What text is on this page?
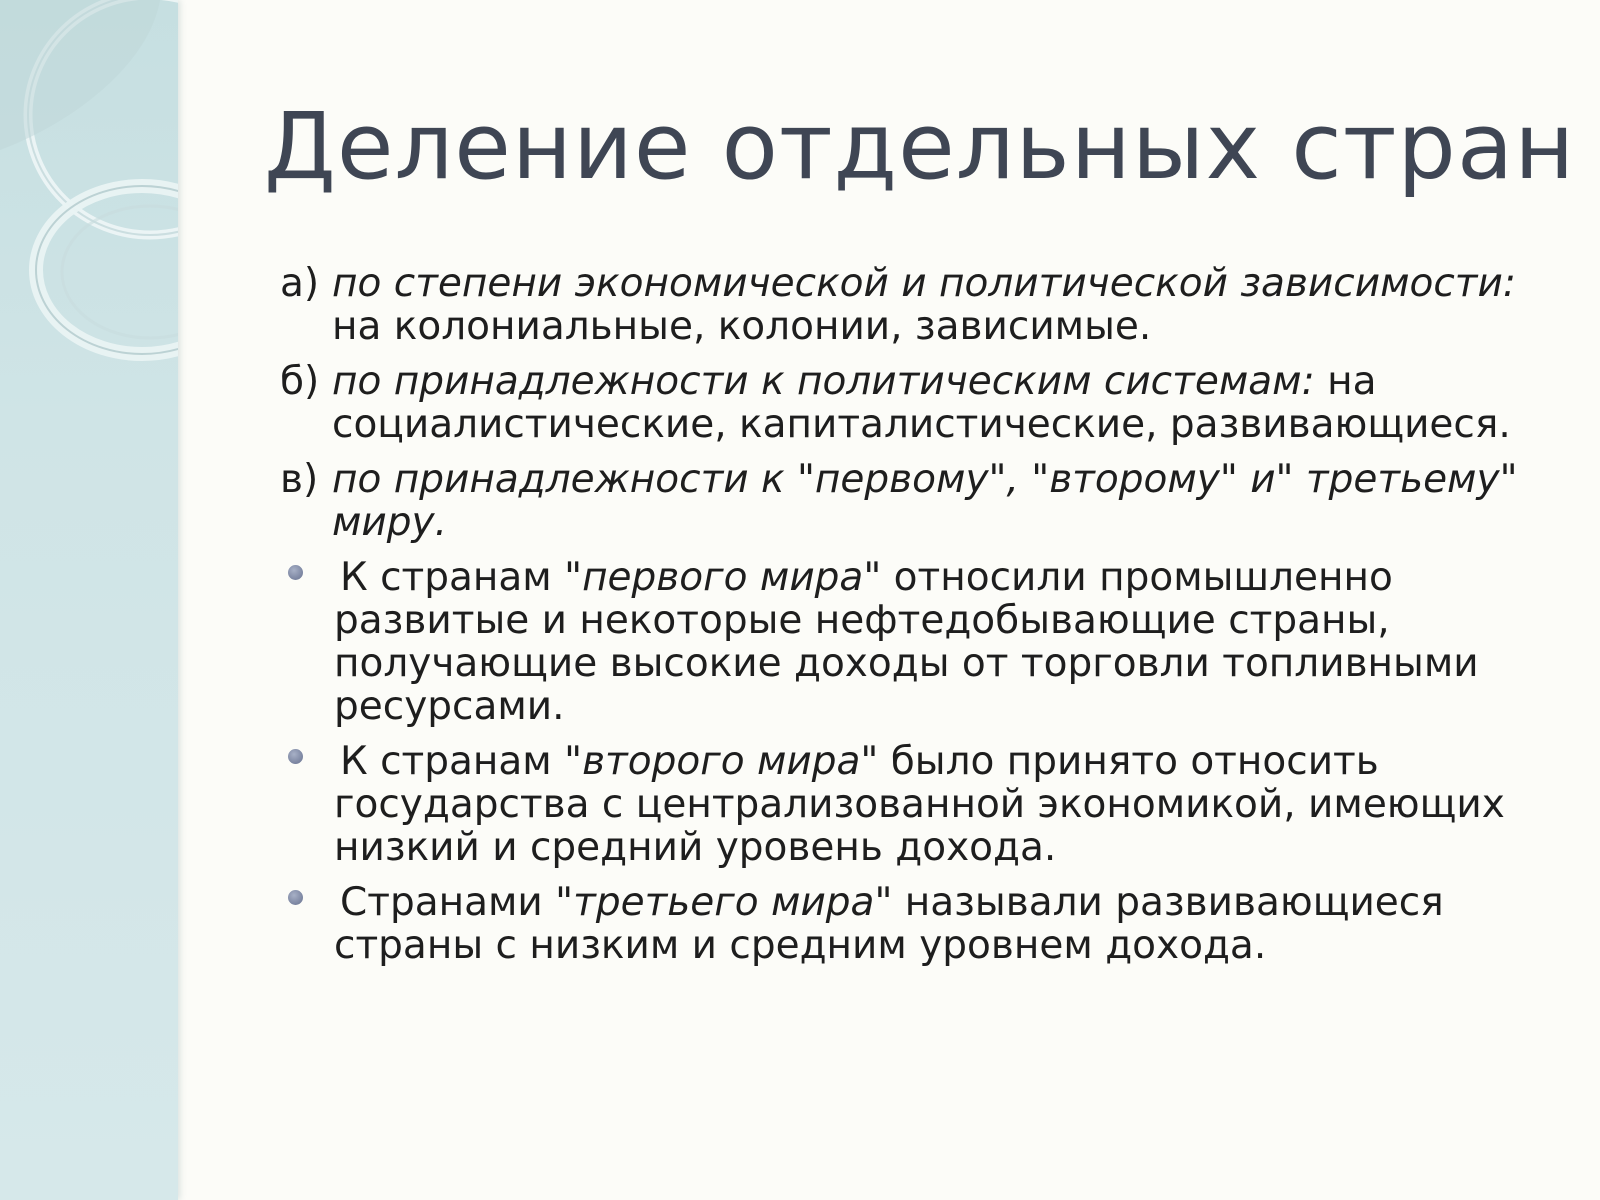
Деление отдельных стран
а) по степени экономической и политической зависимости: на колониальные, колонии, зависимые.
б) по принадлежности к политическим системам: на социалистические, капиталистические, развивающиеся.
в) по принадлежности к "первому", "второму" и" третьему" миру.
К странам "первого мира" относили промышленно развитые и некоторые нефтедобывающие страны, получающие высокие доходы от торговли топливными ресурсами.
К странам "второго мира" было принято относить государства с централизованной экономикой, имеющих низкий и средний уровень дохода.
Странами "третьего мира" называли развивающиеся страны с низким и средним уровнем дохода.
